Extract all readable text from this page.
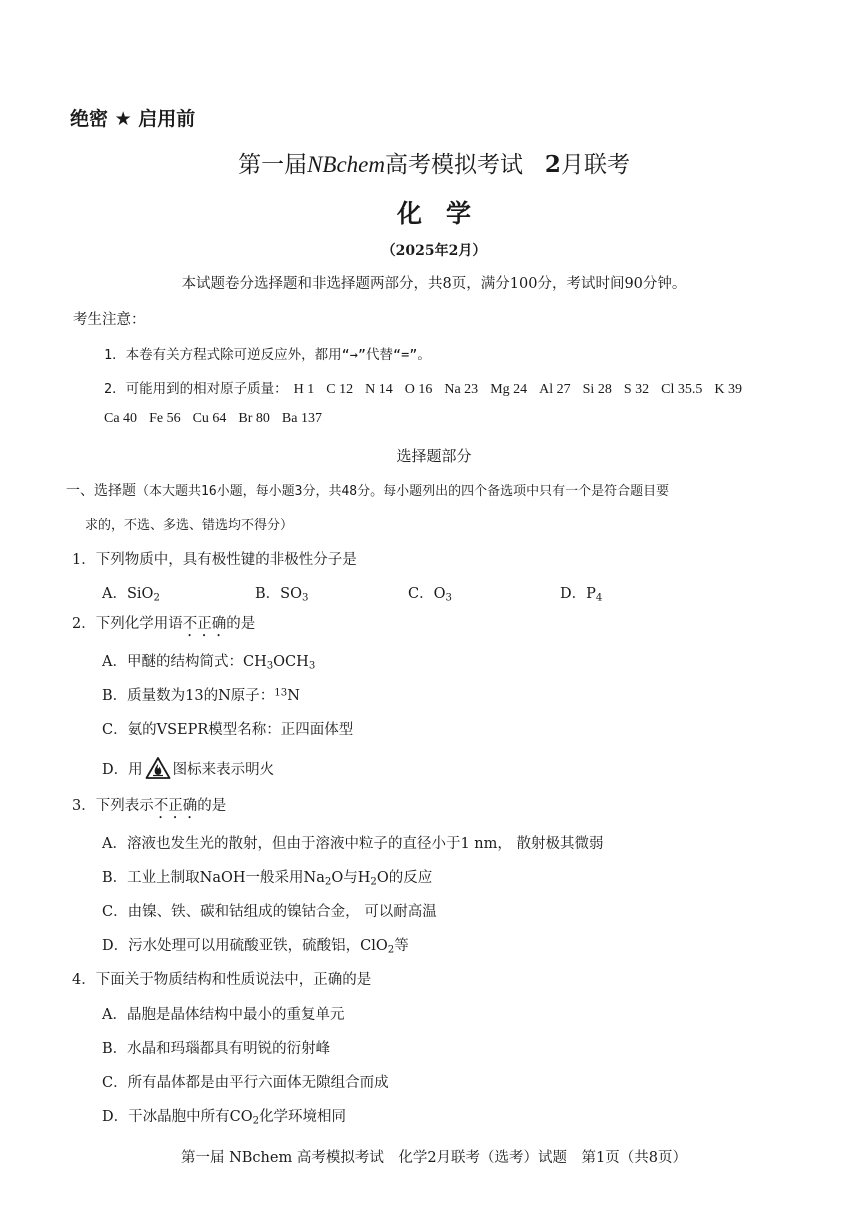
绝密 ★ 启用前
第一届NBchem高考模拟考试 2月联考
化学
（2025年2月）
本试题卷分选择题和非选择题两部分，共8页，满分100分，考试时间90分钟。
考生注意：
1．本卷有关方程式除可逆反应外，都用“→”代替“=”。
2．可能用到的相对原子质量： H 1 C 12 N 14 O 16 Na 23 Mg 24 Al 27 Si 28 S 32 Cl 35.5 K 39
Ca 40 Fe 56 Cu 64 Br 80 Ba 137
选择题部分
一、选择题（本大题共16小题，每小题3分，共48分。每小题列出的四个备选项中只有一个是符合题目要
求的，不选、多选、错选均不得分）
1．下列物质中，具有极性键的非极性分子是
A．SiO$_2$	B．$SO_3$	C．$O_3$	D．$P_4$
2．下列化学用语不正确的是
A．甲醚的结构简式：$CH_3OCH_3$
B．质量数为13的N原子：$^{13}$N
C．氨的VSEPR模型名称：正四面体型
D．用 图标来表示明火
3．下列表示不正确的是
A．溶液也发生光的散射，但由于溶液中粒子的直径小于1 nm， 散射极其微弱
B．工业上制取NaOH一般采用$Na_2O$与$H_2O$的反应
C．由镍、铁、碳和钴组成的镍钴合金， 可以耐高温
D．污水处理可以用硫酸亚铁，硫酸铝，ClO$_2$等
4．下面关于物质结构和性质说法中，正确的是
A．晶胞是晶体结构中最小的重复单元
B．水晶和玛瑙都具有明锐的衍射峰
C．所有晶体都是由平行六面体无隙组合而成
D．干冰晶胞中所有$CO_2$化学环境相同
第一届 NBchem 高考模拟考试　化学2月联考（选考）试题　第1页（共8页）
